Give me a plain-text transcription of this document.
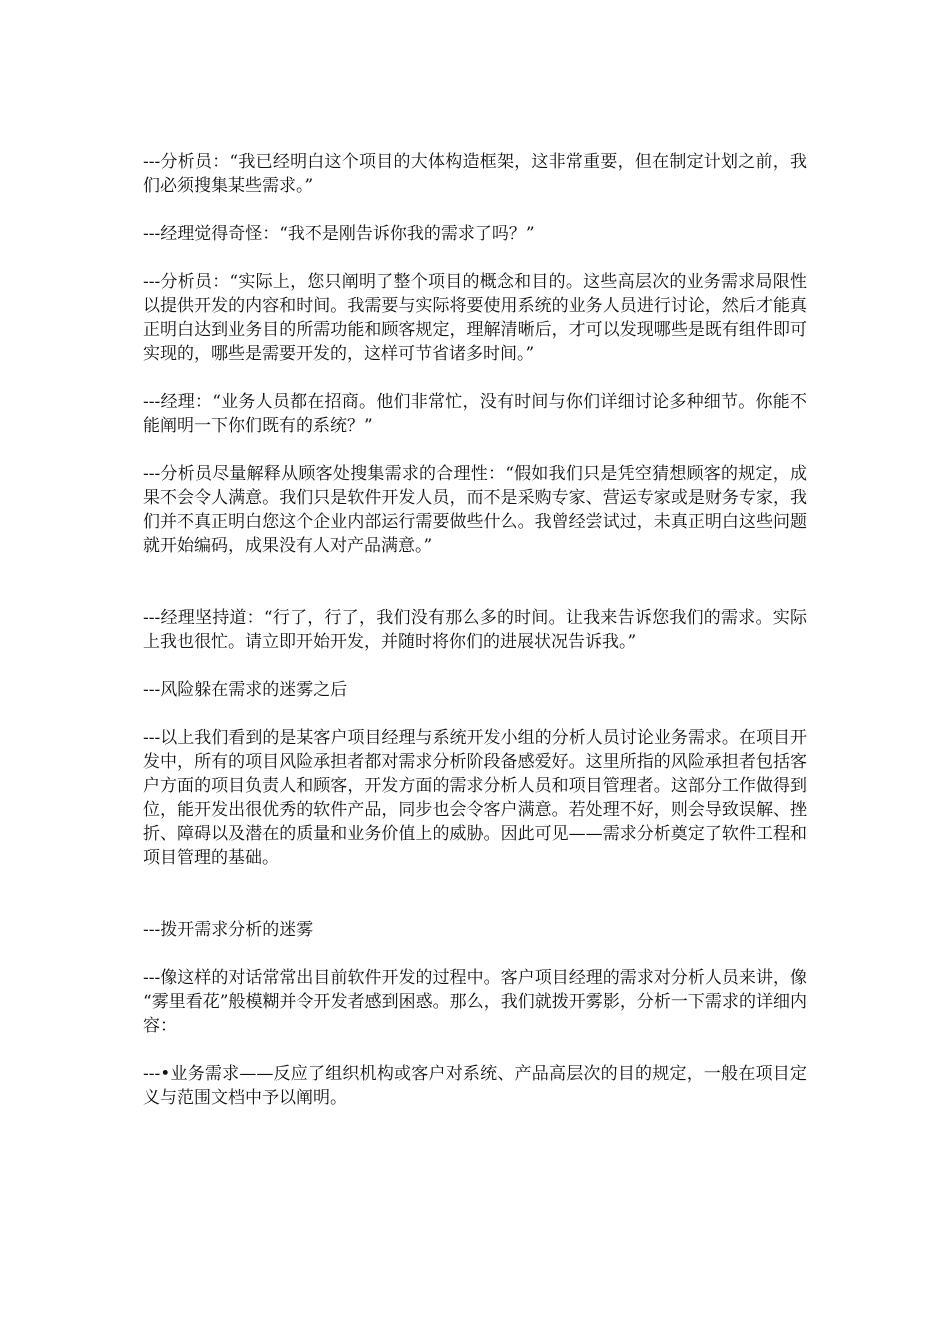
---分析员：“我已经明白这个项目的大体构造框架，这非常重要，但在制定计划之前，我们必须搜集某些需求。”

---经理觉得奇怪：“我不是刚告诉你我的需求了吗？”

---分析员：“实际上，您只阐明了整个项目的概念和目的。这些高层次的业务需求局限性以提供开发的内容和时间。我需要与实际将要使用系统的业务人员进行讨论，然后才能真正明白达到业务目的所需功能和顾客规定，理解清晰后，才可以发现哪些是既有组件即可实现的，哪些是需要开发的，这样可节省诸多时间。”

---经理：“业务人员都在招商。他们非常忙，没有时间与你们详细讨论多种细节。你能不能阐明一下你们既有的系统？”

---分析员尽量解释从顾客处搜集需求的合理性：“假如我们只是凭空猜想顾客的规定，成果不会令人满意。我们只是软件开发人员，而不是采购专家、营运专家或是财务专家，我们并不真正明白您这个企业内部运行需要做些什么。我曾经尝试过，未真正明白这些问题就开始编码，成果没有人对产品满意。”

---经理坚持道：“行了，行了，我们没有那么多的时间。让我来告诉您我们的需求。实际上我也很忙。请立即开始开发，并随时将你们的进展状况告诉我。”

---风险躲在需求的迷雾之后

---以上我们看到的是某客户项目经理与系统开发小组的分析人员讨论业务需求。在项目开发中，所有的项目风险承担者都对需求分析阶段备感爱好。这里所指的风险承担者包括客户方面的项目负责人和顾客，开发方面的需求分析人员和项目管理者。这部分工作做得到位，能开发出很优秀的软件产品，同步也会令客户满意。若处理不好，则会导致误解、挫折、障碍以及潜在的质量和业务价值上的威胁。因此可见——需求分析奠定了软件工程和项目管理的基础。

---拨开需求分析的迷雾

---像这样的对话常常出目前软件开发的过程中。客户项目经理的需求对分析人员来讲，像“雾里看花”般模糊并令开发者感到困惑。那么，我们就拨开雾影，分析一下需求的详细内容：

---•业务需求——反应了组织机构或客户对系统、产品高层次的目的规定，一般在项目定义与范围文档中予以阐明。
